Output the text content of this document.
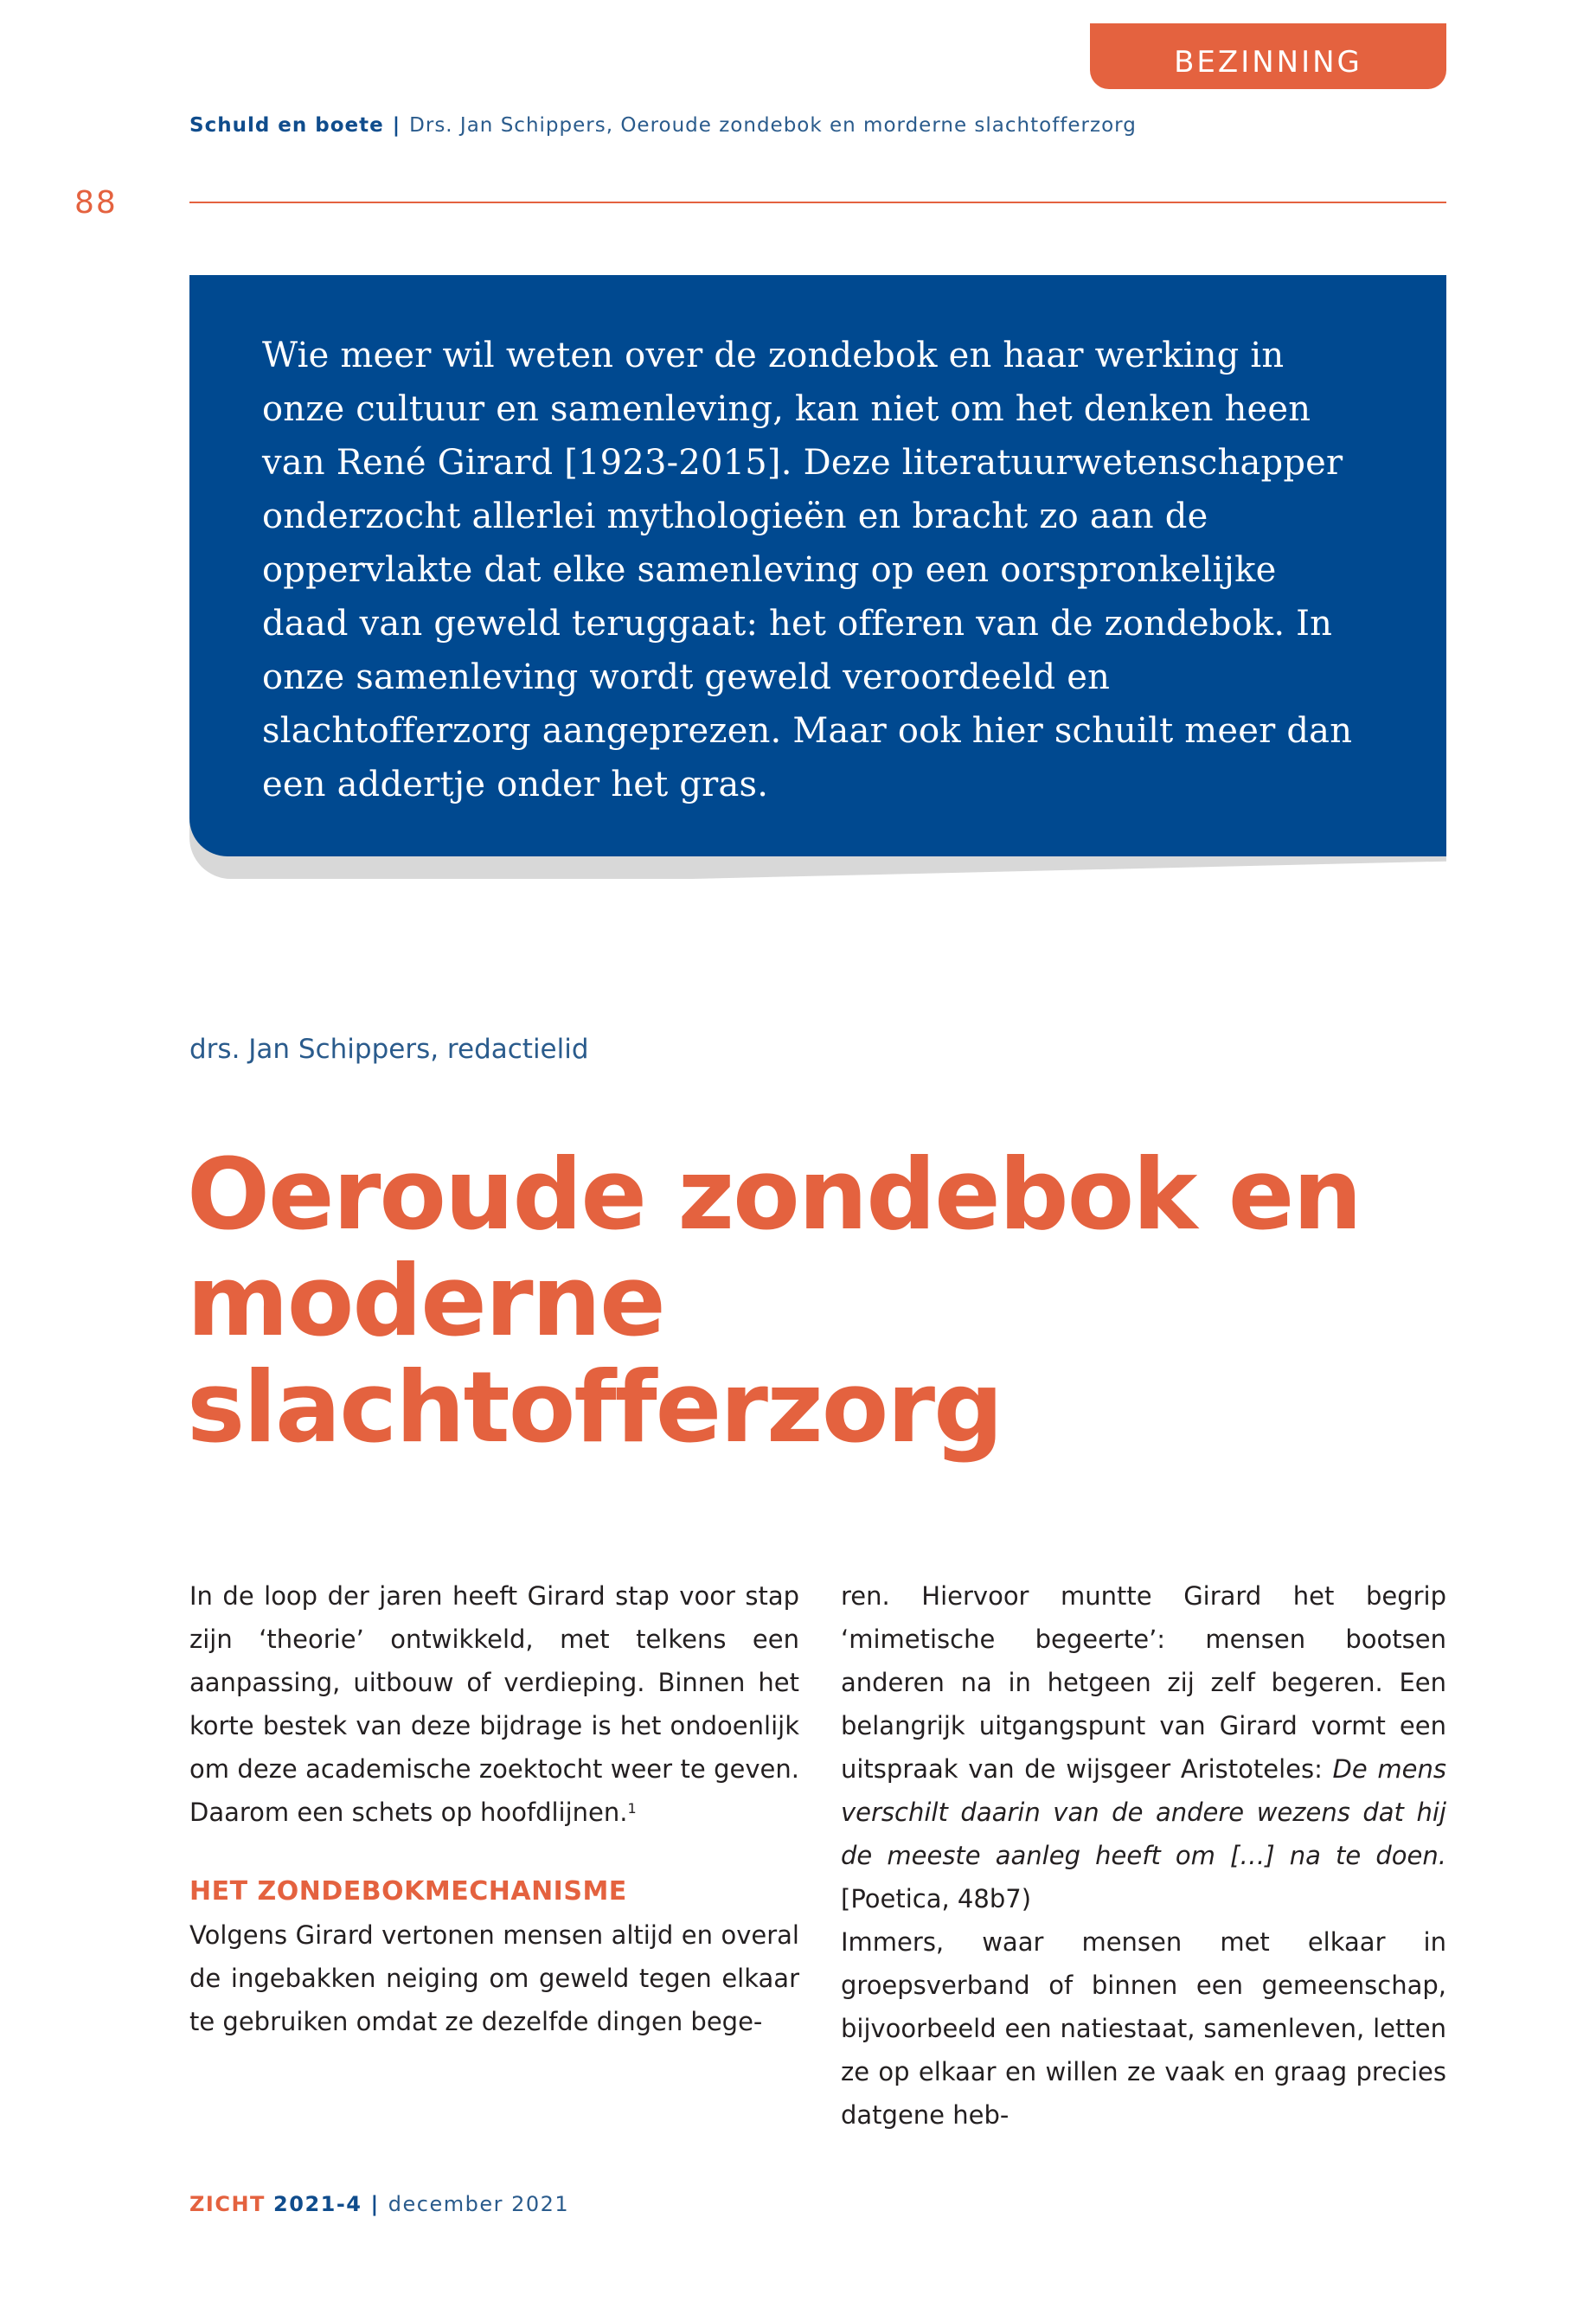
BEZINNING
Schuld en boete | Drs. Jan Schippers, Oeroude zondebok en morderne slachtofferzorg
88

Wie meer wil weten over de zondebok en haar werking in onze cultuur en samenleving, kan niet om het denken heen van René Girard [1923-2015]. Deze literatuurwetenschapper onderzocht allerlei mythologieën en bracht zo aan de oppervlakte dat elke samenleving op een oorspronkelijke daad van geweld teruggaat: het offeren van de zondebok. In onze samenleving wordt geweld veroordeeld en slachtofferzorg aangeprezen. Maar ook hier schuilt meer dan een addertje onder het gras.

drs. Jan Schippers, redactielid
Oeroude zondebok en moderne slachtofferzorg

In de loop der jaren heeft Girard stap voor stap zijn ‘theorie’ ontwikkeld, met telkens een aanpassing, uitbouw of verdieping. Binnen het korte bestek van deze bijdrage is het ondoenlijk om deze academische zoektocht weer te geven. Daarom een schets op hoofdlijnen.$^1$

HET ZONDEBOKMECHANISME

Volgens Girard vertonen mensen altijd en overal de ingebakken neiging om geweld tegen elkaar te gebruiken omdat ze dezelfde dingen bege-

ren. Hiervoor muntte Girard het begrip ‘mimetische begeerte’: mensen bootsen anderen na in hetgeen zij zelf begeren. Een belangrijk uitgangspunt van Girard vormt een uitspraak van de wijsgeer Aristoteles: De mens verschilt daarin van de andere wezens dat hij de meeste aanleg heeft om […] na te doen. [Poetica, 48b7)

Immers, waar mensen met elkaar in groepsverband of binnen een gemeenschap, bijvoorbeeld een natiestaat, samenleven, letten ze op elkaar en willen ze vaak en graag precies datgene heb-

ZICHT 2021-4 | december 2021
